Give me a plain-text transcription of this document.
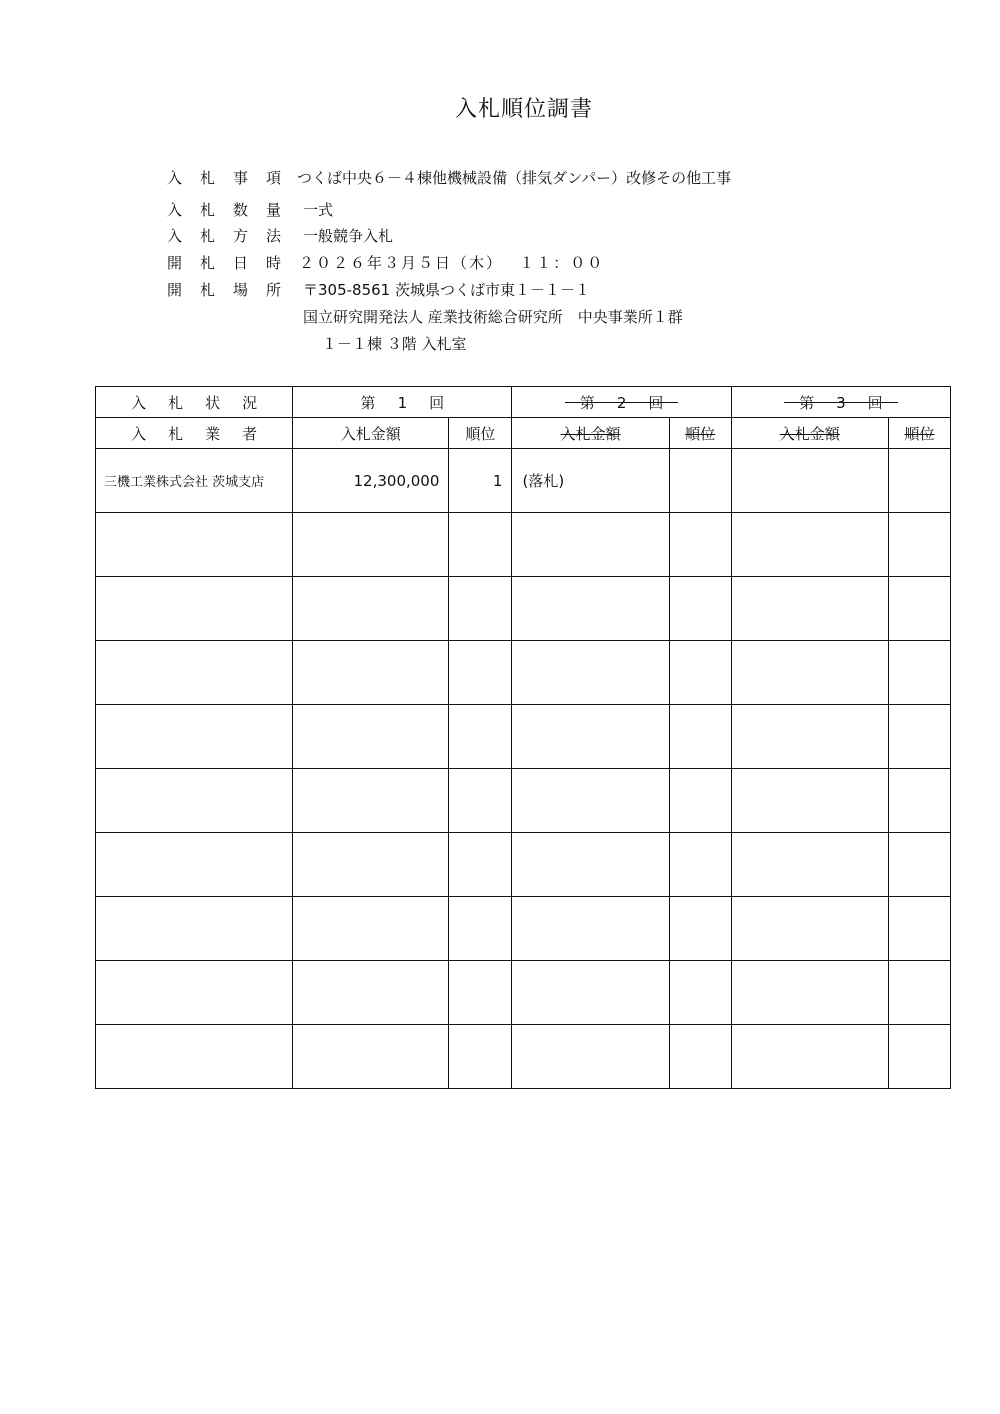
入札順位調書
入 札 事 項 つくば中央６－４棟他機械設備（排気ダンパー）改修その他工事
入 札 数 量 一式
入 札 方 法 一般競争入札
開 札 日 時 ２０２６年３月５日（木）　 １１：００
開 札 場 所 〒305-8561 茨城県つくば市東１－１－１
国立研究開発法人 産業技術総合研究所　中央事業所１群
１－１棟 ３階 入札室
入 札 状 況	第 1 回		第 2 回		第 3 回	
入 札 業 者	入札金額	順位	入札金額	順位	入札金額	順位
三機工業株式会社 茨城支店	12,300,000	1	(落札)			
